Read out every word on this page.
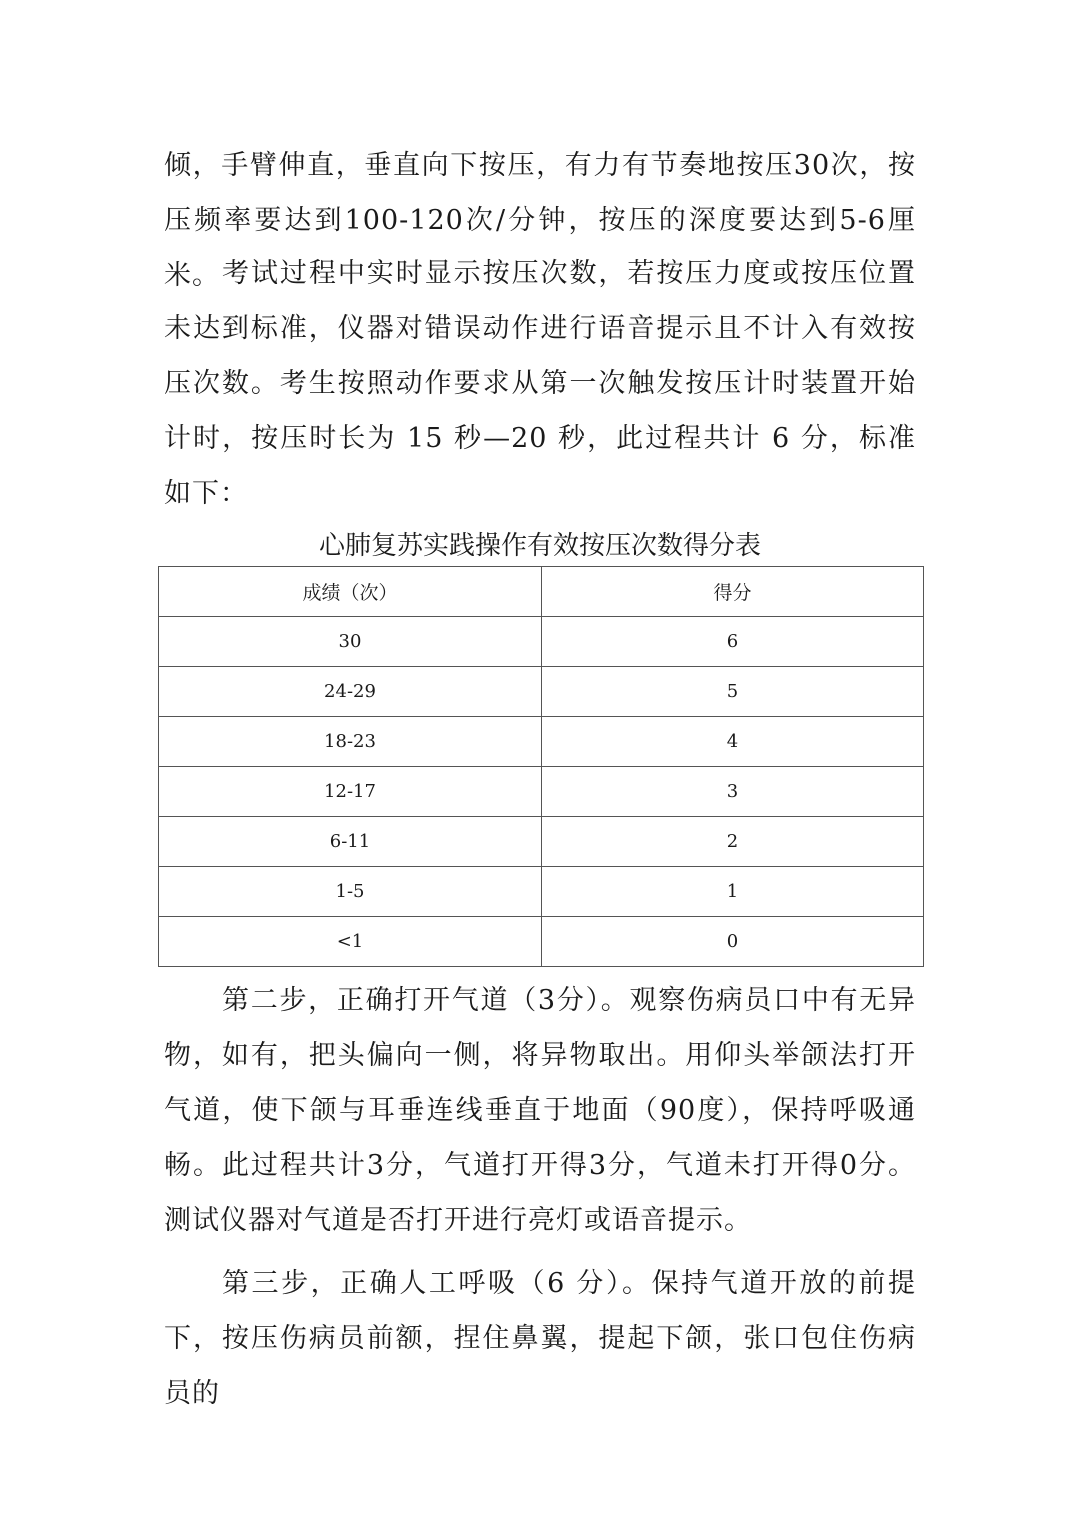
倾，手臂伸直，垂直向下按压，有力有节奏地按压30次，按压频率要达到100-120次/分钟，按压的深度要达到5-6厘米。 考试过程中实时显示按压次数，若按压力度或按压位置未达到标准，仪器对错误动作进行语音提示且不计入有效按压次数。考生按照动作要求从第一次触发按压计时装置开始计时，按压时长为 15 秒—20 秒，此过程共计 6 分，标准如下：

心肺复苏实践操作有效按压次数得分表
成绩（次）	得分
30	6
24-29	5
18-23	4
12-17	3
6-11	2
1-5	1
<1	0

第二步，正确打开气道（3分）。观察伤病员口中有无异物，如有，把头偏向一侧，将异物取出。用仰头举颌法打开气道，使下颌与耳垂连线垂直于地面（90度），保持呼吸通畅。此过程共计3分，气道打开得3分，气道未打开得0分。测试仪器对气道是否打开进行亮灯或语音提示。

第三步，正确人工呼吸（6 分）。保持气道开放的前提下，按压伤病员前额，捏住鼻翼，提起下颌，张口包住伤病员的
